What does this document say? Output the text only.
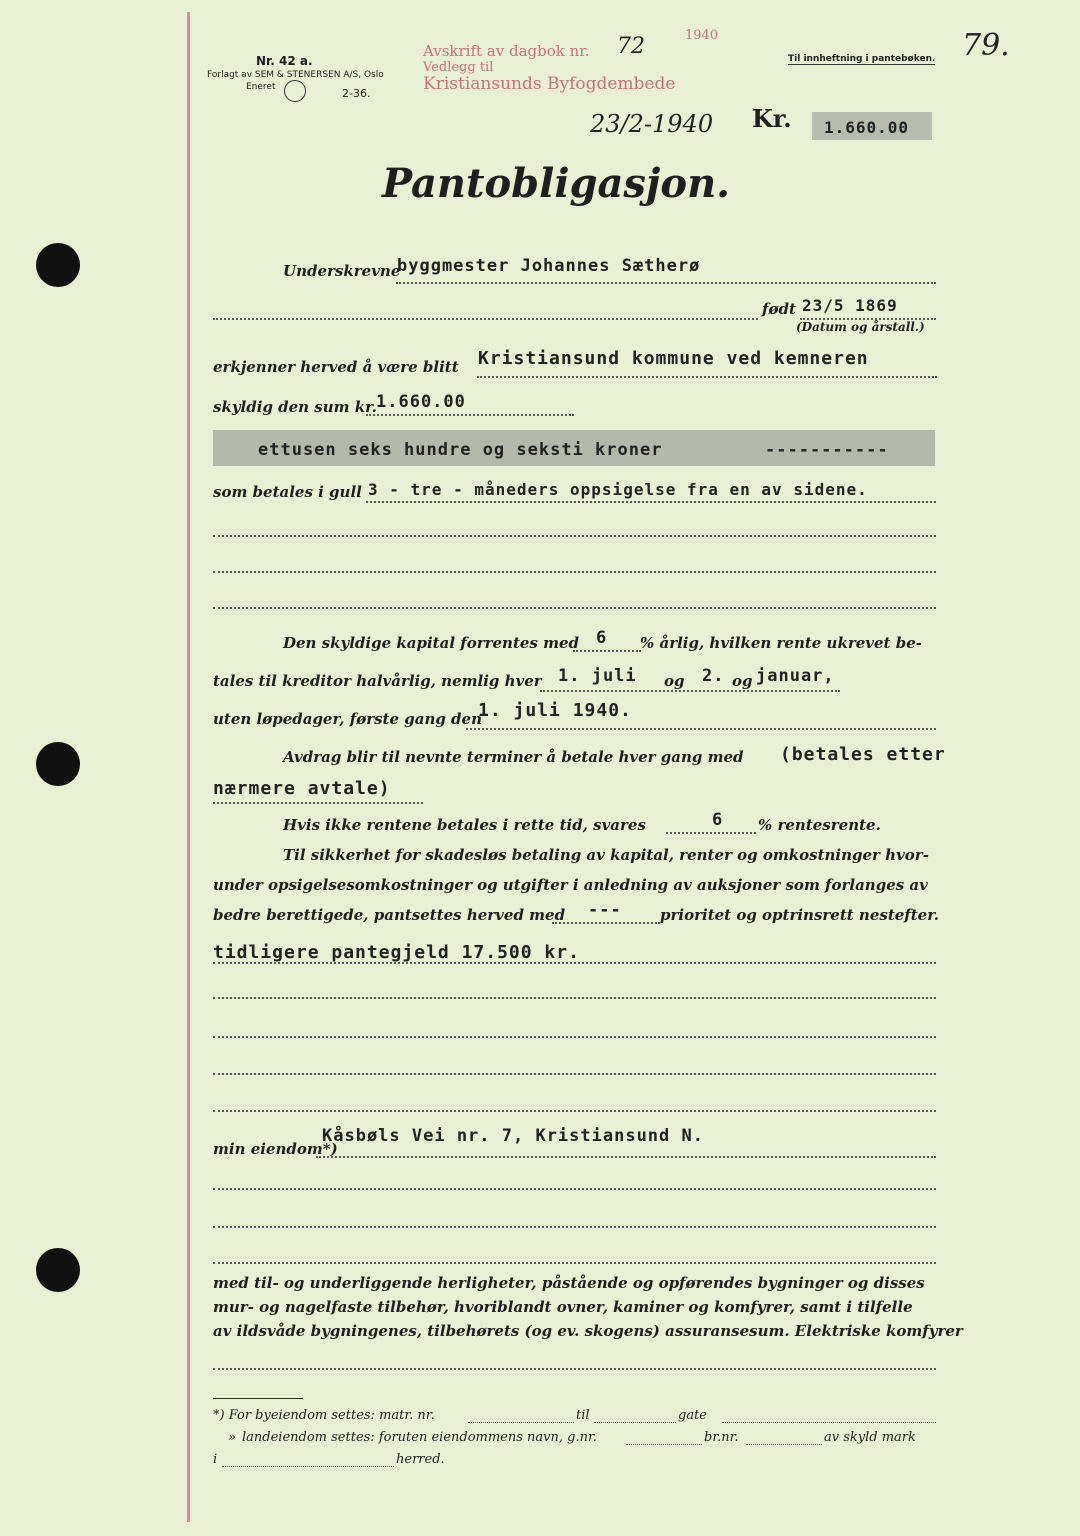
Nr. 42 a.
Forlagt av SEM & STENERSEN A/S, Oslo
Eneret	2-36.
Avskrift av dagbok nr. 72	1940
Vedlegg til
Kristiansunds Byfogdembede
Til innheftning i pantebøken. 79.
23/2-1940 Kr.	1.660.00
Pantobligasjon.
Underskrevne
byggmester Johannes Sætherø
født 23/5 1869
(Datum og årstall.)
erkjenner herved å være blitt Kristiansund kommune ved kemneren
skyldig den sum kr. 1.660.00
ettusen seks hundre og seksti kroner	-----------
som betales i gull 3 - tre - måneders oppsigelse fra en av sidene.
Den skyldige kapital forrentes med 6 % årlig, hvilken rente ukrevet be-
tales til kreditor halvårlig, nemlig hver 1. juli og 2. og januar,
uten løpedager, første gang den
1. juli 1940.
Avdrag blir til nevnte terminer å betale hver gang med (betales etter
nærmere avtale)
Hvis ikke rentene betales i rette tid, svares	6 % rentesrente.
Til sikkerhet for skadesløs betaling av kapital, renter og omkostninger hvor-
under opsigelsesomkostninger og utgifter i anledning av auksjoner som forlanges av
bedre berettigede, pantsettes herved med ---	prioritet og optrinsrett nestefter.
tidligere pantegjeld 17.500 kr.
min eiendom*)
Kåsbøls Vei nr. 7, Kristiansund N.
med til- og underliggende herligheter, påstående og opførendes bygninger og disses
mur- og nagelfaste tilbehør, hvoriblandt ovner, kaminer og komfyrer, samt i tilfelle
av ildsvåde bygningenes, tilbehørets (og ev. skogens) assuransesum. Elektriske komfyrer
*) For byeiendom settes: matr. nr.	til	gate
» landeiendom settes: foruten eiendommens navn, g.nr.	br.nr.	av skyld mark
i	herred.
